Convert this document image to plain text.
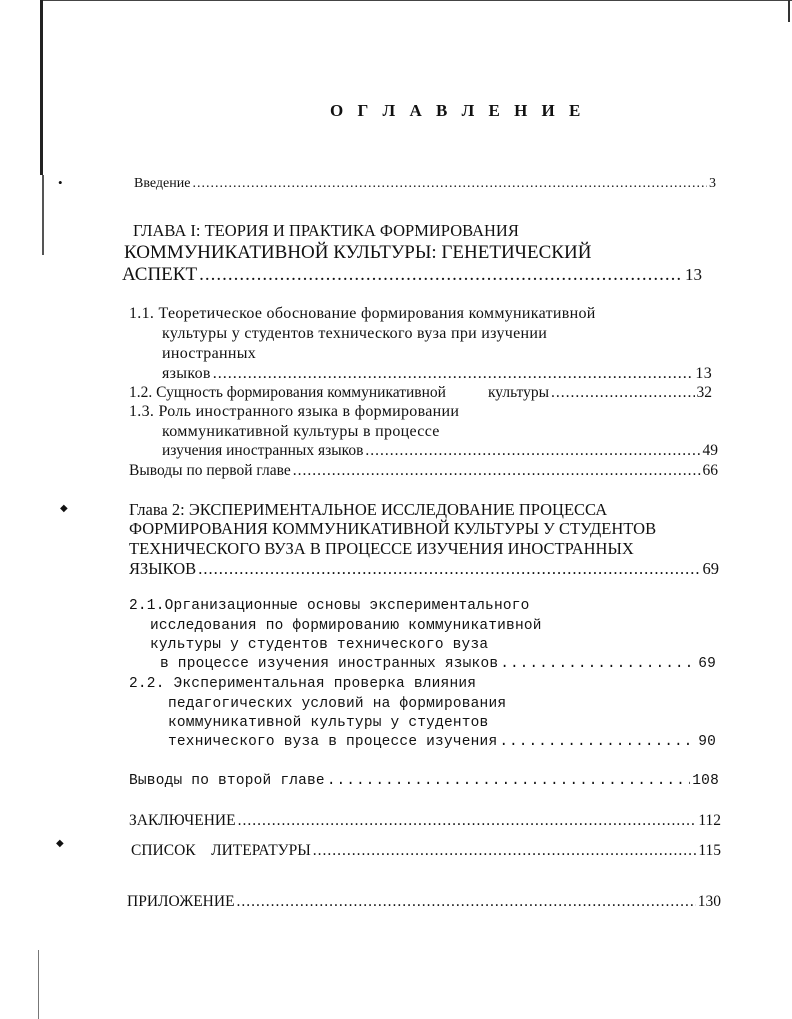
•
◆
◆
О Г Л А В Л Е Н И Е
Введение .....	3
ГЛАВА I: ТЕОРИЯ И ПРАКТИКА ФОРМИРОВАНИЯ
КОММУНИКАТИВНОЙ КУЛЬТУРЫ: ГЕНЕТИЧЕСКИЙ
АСПЕКТ .....	13
1.1. Теоретическое обоснование формирования коммуникативной
культуры у студентов технического вуза при изучении
иностранных
языков .....	13
1.2. Сущность формирования коммуникативной	культуры .....	32
1.3. Роль иностранного языка в формировании
коммуникативной культуры в процессе
изучения иностранных языков .....	49
Выводы по первой главе .....	66
Глава 2: ЭКСПЕРИМЕНТАЛЬНОЕ ИССЛЕДОВАНИЕ ПРОЦЕССА
ФОРМИРОВАНИЯ КОММУНИКАТИВНОЙ КУЛЬТУРЫ У СТУДЕНТОВ
ТЕХНИЧЕСКОГО ВУЗА В ПРОЦЕССЕ ИЗУЧЕНИЯ ИНОСТРАННЫХ
ЯЗЫКОВ .....	69
2.1.Организационные основы экспериментального
исследования по формированию коммуникативной
культуры у студентов технического вуза
в процессе изучения иностранных языков .....	69
2.2. Экспериментальная проверка влияния
педагогических условий на формирования
коммуникативной культуры у студентов
технического вуза в процессе изучения .....	90
Выводы по второй главе .....	108
ЗАКЛЮЧЕНИЕ .....	112
СПИСОК    ЛИТЕРАТУРЫ .....	115
ПРИЛОЖЕНИЕ .....	130
